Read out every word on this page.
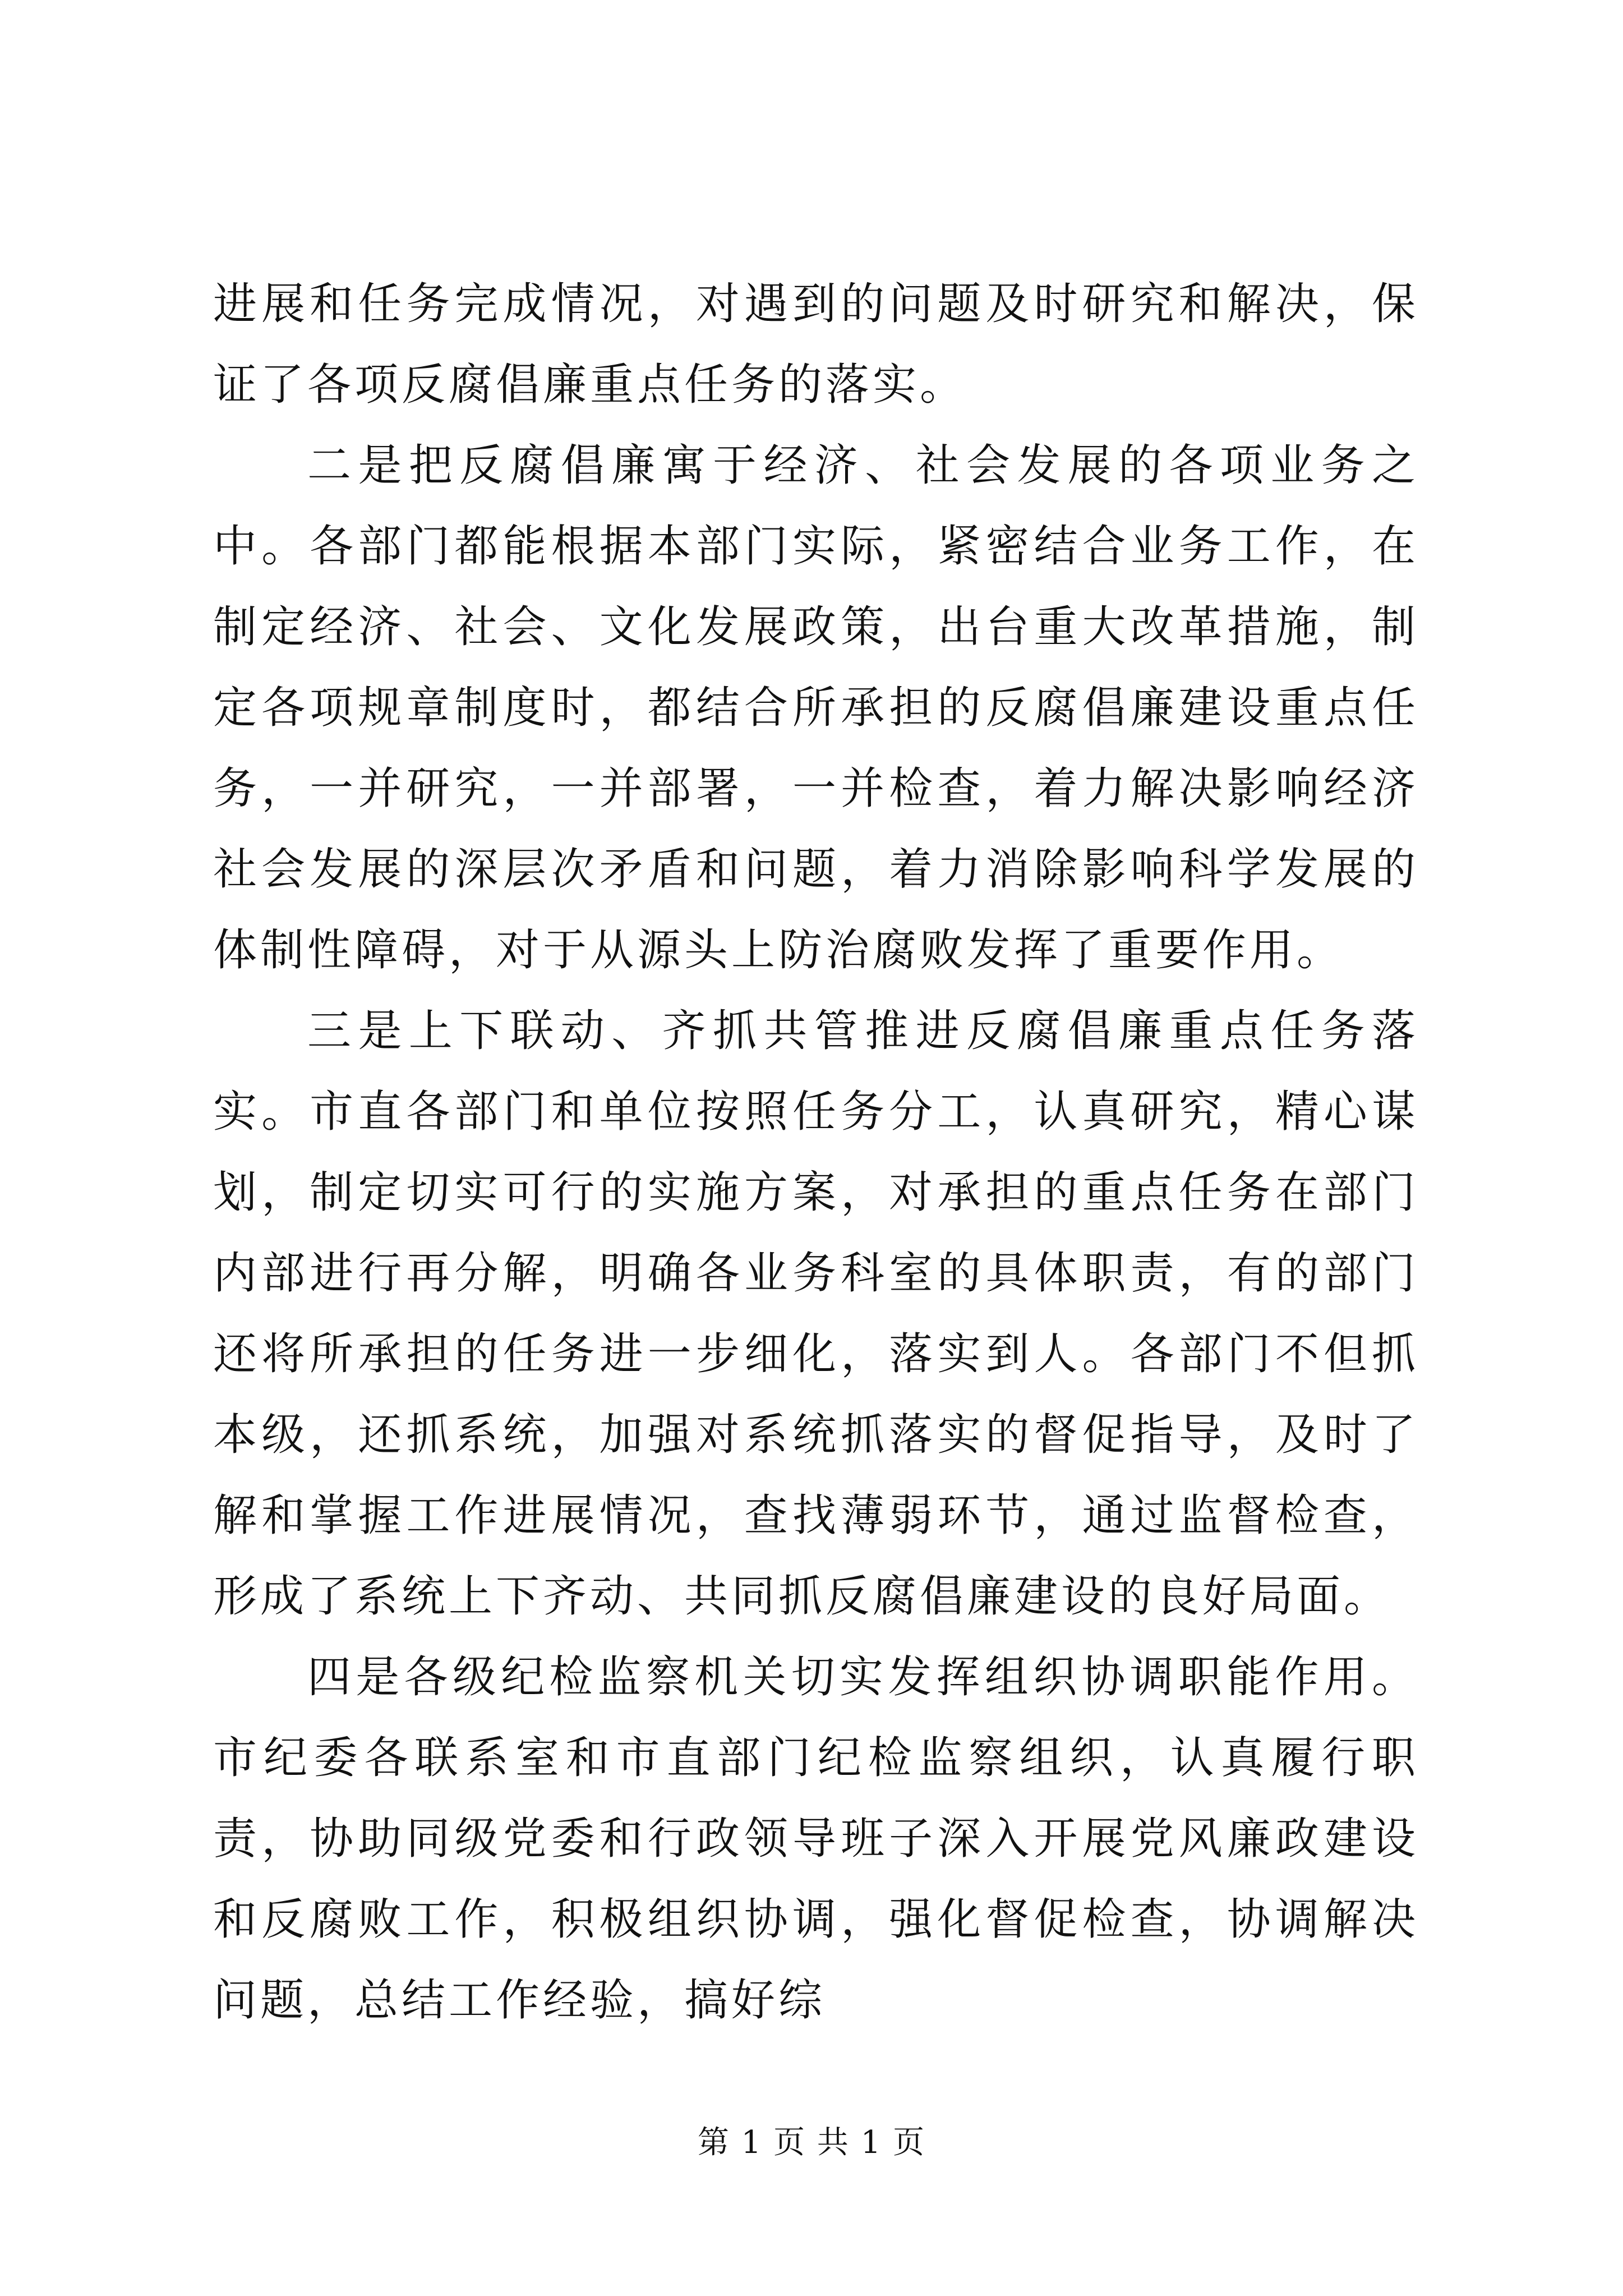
进展和任务完成情况，对遇到的问题及时研究和解决，保证了各项反腐倡廉重点任务的落实。

二是把反腐倡廉寓于经济、社会发展的各项业务之中。各部门都能根据本部门实际，紧密结合业务工作，在制定经济、社会、文化发展政策，出台重大改革措施，制定各项规章制度时，都结合所承担的反腐倡廉建设重点任务，一并研究，一并部署，一并检查，着力解决影响经济社会发展的深层次矛盾和问题，着力消除影响科学发展的体制性障碍，对于从源头上防治腐败发挥了重要作用。

三是上下联动、齐抓共管推进反腐倡廉重点任务落实。市直各部门和单位按照任务分工，认真研究，精心谋划，制定切实可行的实施方案，对承担的重点任务在部门内部进行再分解，明确各业务科室的具体职责，有的部门还将所承担的任务进一步细化，落实到人。各部门不但抓本级，还抓系统，加强对系统抓落实的督促指导，及时了解和掌握工作进展情况，查找薄弱环节，通过监督检查，形成了系统上下齐动、共同抓反腐倡廉建设的良好局面。

四是各级纪检监察机关切实发挥组织协调职能作用。市纪委各联系室和市直部门纪检监察组织，认真履行职责，协助同级党委和行政领导班子深入开展党风廉政建设和反腐败工作，积极组织协调，强化督促检查，协调解决问题，总结工作经验，搞好综

第 1 页 共 1 页
